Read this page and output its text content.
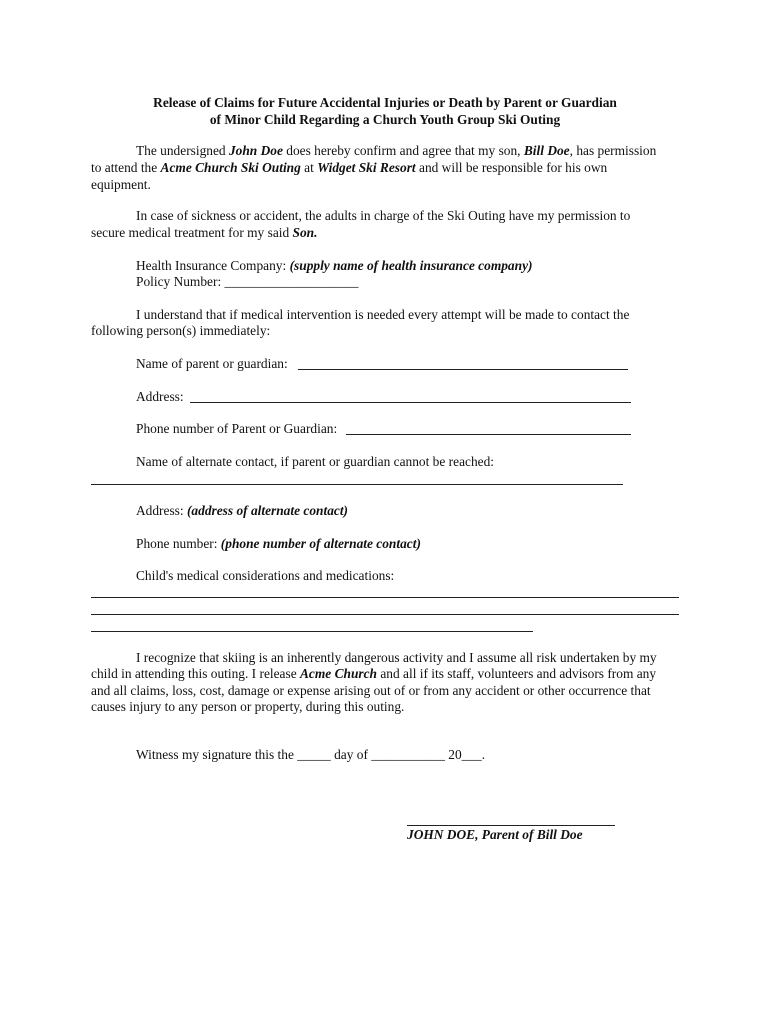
Release of Claims for Future Accidental Injuries or Death by Parent or Guardian
of Minor Child Regarding a Church Youth Group Ski Outing
The undersigned John Doe does hereby confirm and agree that my son, Bill Doe, has permission
to attend the Acme Church Ski Outing at Widget Ski Resort and will be responsible for his own
equipment.
In case of sickness or accident, the adults in charge of the Ski Outing have my permission to
secure medical treatment for my said Son.
Health Insurance Company: (supply name of health insurance company)
Policy Number: ____________________
I understand that if medical intervention is needed every attempt will be made to contact the
following person(s) immediately:
Name of parent or guardian:
Address:
Phone number of Parent or Guardian:
Name of alternate contact, if parent or guardian cannot be reached:
Address: (address of alternate contact)
Phone number: (phone number of alternate contact)
Child's medical considerations and medications:
I recognize that skiing is an inherently dangerous activity and I assume all risk undertaken by my
child in attending this outing. I release Acme Church and all if its staff, volunteers and advisors from any
and all claims, loss, cost, damage or expense arising out of or from any accident or other occurrence that
causes injury to any person or property, during this outing.
Witness my signature this the _____ day of ___________ 20___.
JOHN DOE, Parent of Bill Doe
